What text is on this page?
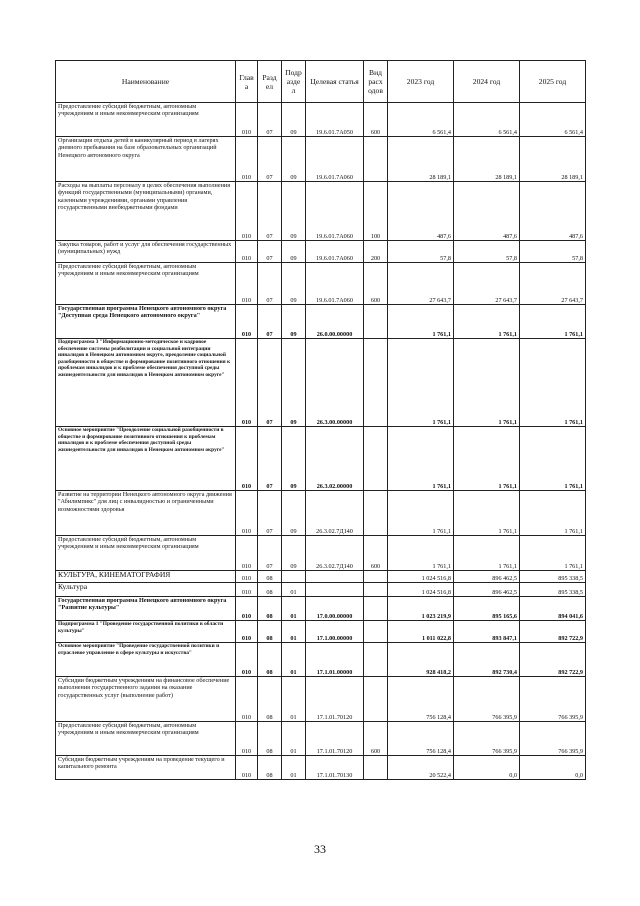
Наименование	Глав а	Разд ел	Подр азде л	Целевая статья	Вид расх одов	2023 год	2024 год	2025 год
Предоставление субсидий бюджетным, автономным учреждениям и иным некоммерческим организациям	010	07	09	19.6.01.7А050	600	6 561,4	6 561,4	6 561,4
Организация отдыха детей в каникулярный период в лагерях дневного пребывания на базе образовательных организаций Ненецкого автономного округа	010	07	09	19.6.01.7А060		28 189,1	28 189,1	28 189,1
Расходы на выплаты персоналу в целях обеспечения выполнения функций государственными (муниципальными) органами, казенными учреждениями, органами управления государственными внебюджетными фондами	010	07	09	19.6.01.7А060	100	487,6	487,6	487,6
Закупка товаров, работ и услуг для обеспечения государственных (муниципальных) нужд	010	07	09	19.6.01.7А060	200	57,8	57,8	57,8
Предоставление субсидий бюджетным, автономным учреждениям и иным некоммерческим организациям	010	07	09	19.6.01.7А060	600	27 643,7	27 643,7	27 643,7
Государственная программа Ненецкого автономного округа "Доступная среда Ненецкого автономного округа"	010	07	09	26.0.00.00000		1 761,1	1 761,1	1 761,1
Подпрограмма 3 "Информационно-методическое и кадровое обеспечение системы реабилитации и социальной интеграции инвалидов в Ненецком автономном округе, преодоление социальной разобщенности в обществе и формирование позитивного отношения к проблемам инвалидов и к проблеме обеспечения доступной среды жизнедеятельности для инвалидов в Ненецком автономном округе"	010	07	09	26.3.00.00000		1 761,1	1 761,1	1 761,1
Основное мероприятие "Преодоление социальной разобщенности в обществе и формирование позитивного отношения к проблемам инвалидов и к проблеме обеспечения доступной среды жизнедеятельности для инвалидов в Ненецком автономном округе"	010	07	09	26.3.02.00000		1 761,1	1 761,1	1 761,1
Развитие на территории Ненецкого автономного округа движения "Абилимпикс" для лиц с инвалидностью и ограниченными возможностями здоровья	010	07	09	26.3.02.7Д140		1 761,1	1 761,1	1 761,1
Предоставление субсидий бюджетным, автономным учреждениям и иным некоммерческим организациям	010	07	09	26.3.02.7Д140	600	1 761,1	1 761,1	1 761,1
КУЛЬТУРА, КИНЕМАТОГРАФИЯ	010	08				1 024 516,8	896 462,5	895 338,5
Культура	010	08	01			1 024 516,8	896 462,5	895 338,5
Государственная программа Ненецкого автономного округа "Развитие культуры"	010	08	01	17.0.00.00000		1 023 219,9	895 165,6	894 041,6
Подпрограмма 1 "Проведение государственной политики в области культуры"	010	08	01	17.1.00.00000		1 011 022,8	893 847,1	892 722,9
Основное мероприятие "Проведение государственной политики и отраслевое управление в сфере культуры и искусства"	010	08	01	17.1.01.00000		928 418,2	892 730,4	892 722,9
Субсидии бюджетным учреждениям на финансовое обеспечение выполнения государственного задания на оказание государственных услуг (выполнение работ)	010	08	01	17.1.01.70120		756 128,4	766 395,9	766 395,9
Предоставление субсидий бюджетным, автономным учреждениям и иным некоммерческим организациям	010	08	01	17.1.01.70120	600	756 128,4	766 395,9	766 395,9
Субсидии бюджетным учреждениям на проведение текущего и капитального ремонта	010	08	01	17.1.01.70130		20 522,4	0,0	0,0
33
